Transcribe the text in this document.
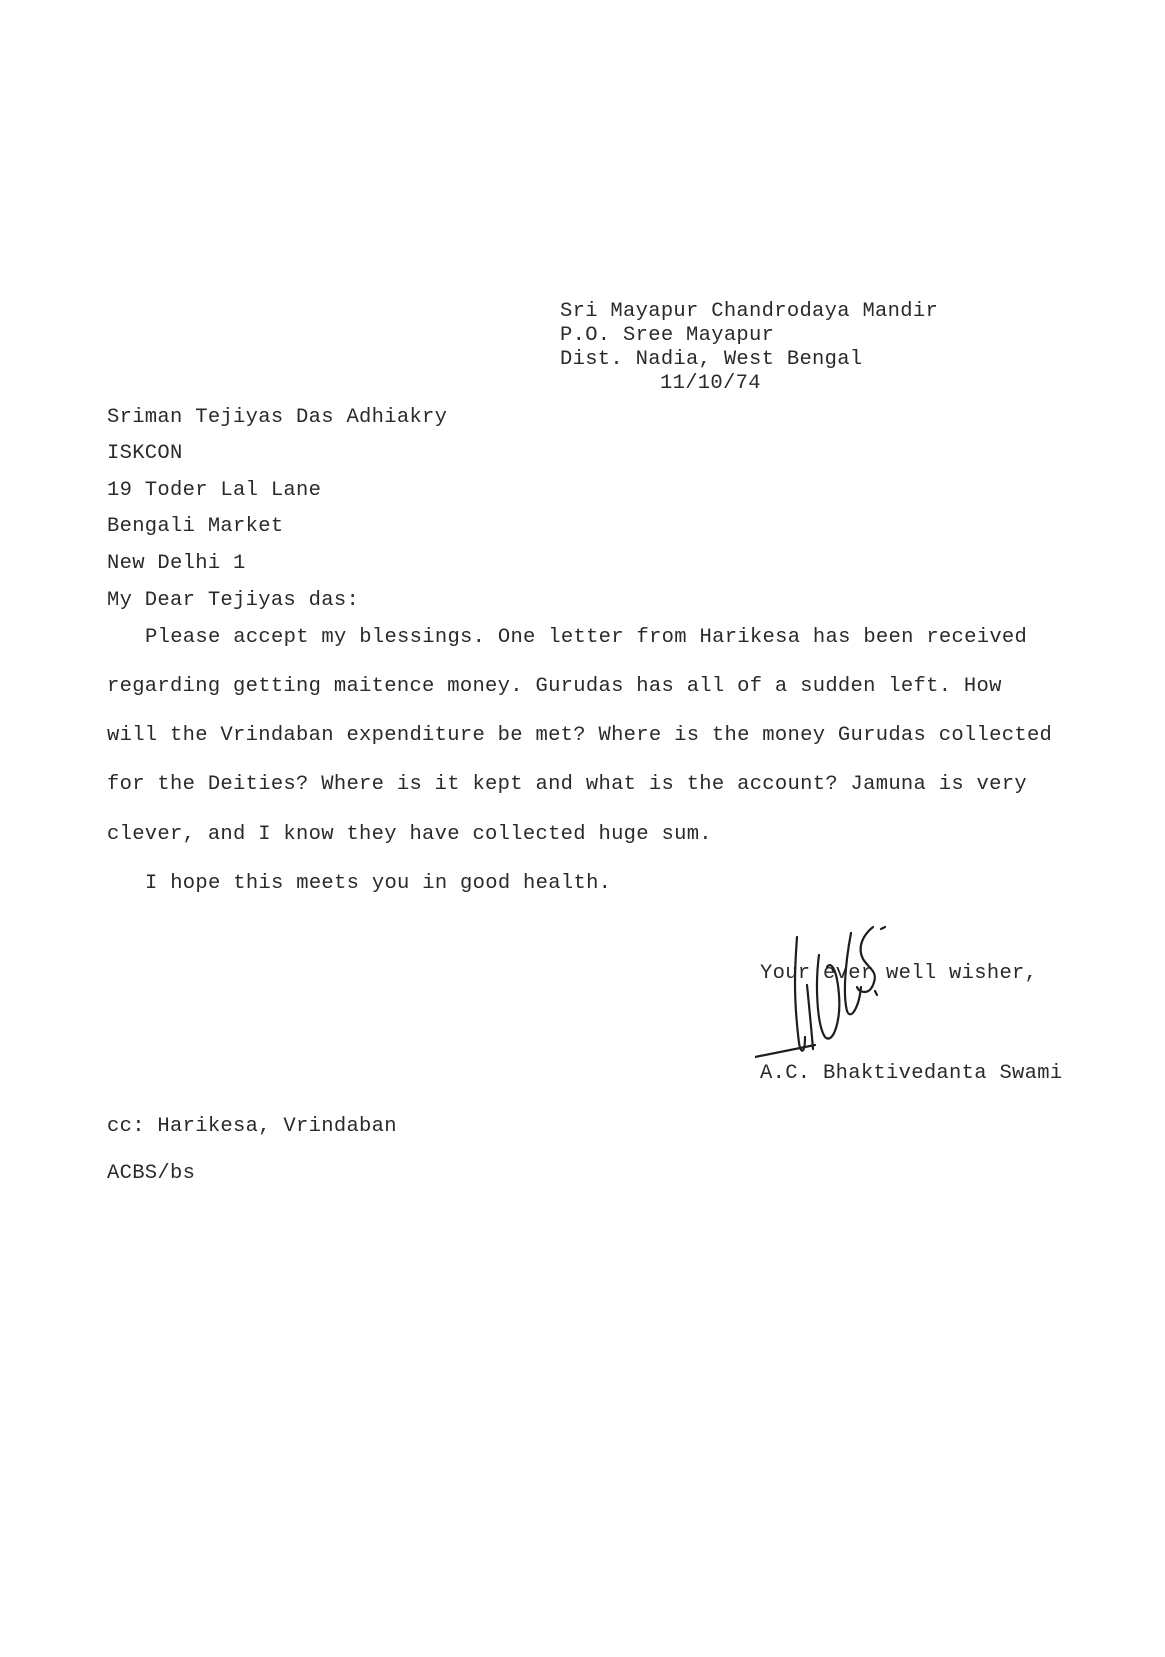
Sri Mayapur Chandrodaya Mandir
P.O. Sree Mayapur
Dist. Nadia, West Bengal
11/10/74
Sriman Tejiyas Das Adhiakry
ISKCON
19 Toder Lal Lane
Bengali Market
New Delhi 1
My Dear Tejiyas das:
Please accept my blessings. One letter from Harikesa has been received
regarding getting maitence money. Gurudas has all of a sudden left. How
will the Vrindaban expenditure be met? Where is the money Gurudas collected
for the Deities? Where is it kept and what is the account? Jamuna is very
clever, and I know they have collected huge sum.
I hope this meets you in good health.
Your ever well wisher,
A.C. Bhaktivedanta Swami
cc: Harikesa, Vrindaban
ACBS/bs
